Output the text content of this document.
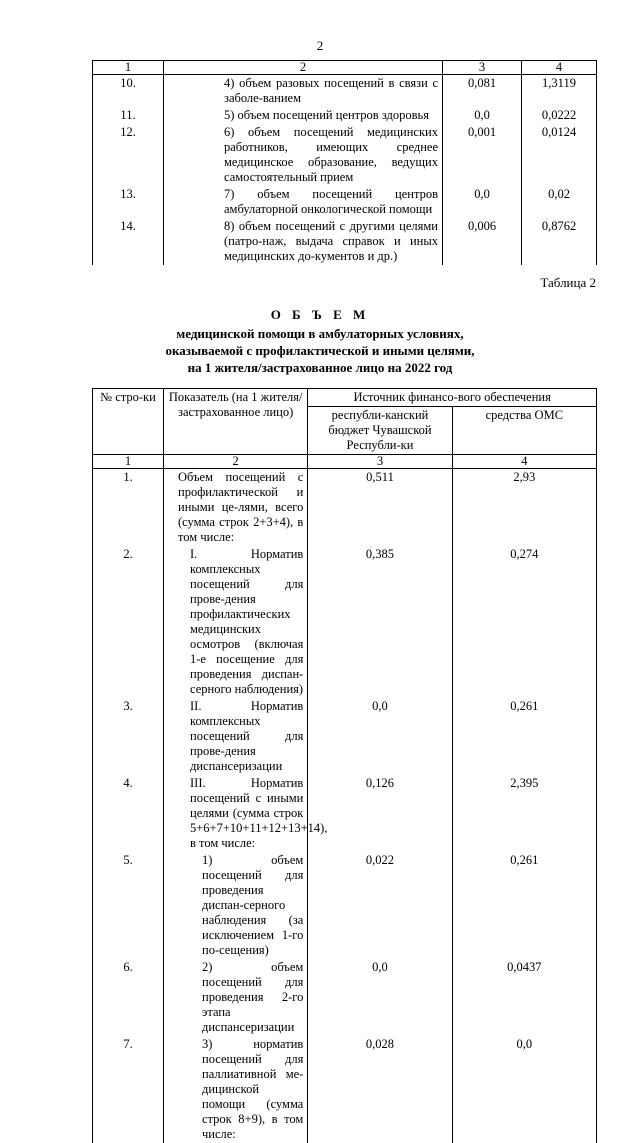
2
1	2	3	4
10.	4) объем разовых посещений в связи с заболе-ванием	0,081	1,3119
11.	5) объем посещений центров здоровья	0,0	0,0222
12.	6) объем посещений медицинских работников, имеющих среднее медицинское образование, ведущих самостоятельный прием	0,001	0,0124
13.	7) объем посещений центров амбулаторной онкологической помощи	0,0	0,02
14.	8) объем посещений с другими целями (патро-наж, выдача справок и иных медицинских до-кументов и др.)	0,006	0,8762
Таблица 2
О Б Ъ Е М
медицинской помощи в амбулаторных условиях,
оказываемой с профилактической и иными целями,
на 1 жителя/застрахованное лицо на 2022 год
№ стро-ки	Показатель (на 1 жителя/застрахованное лицо)	Источник финансо-вого обеспечения	
		республи-канский бюджет Чувашской Республи-ки	средства ОМС
1	2	3	4
1.	Объем посещений с профилактической и иными це-лями, всего (сумма строк 2+3+4), в том числе:	0,511	2,93
2.	I. Норматив комплексных посещений для прове-дения профилактических медицинских осмотров (включая 1-е посещение для проведения диспан-серного наблюдения)	0,385	0,274
3.	II. Норматив комплексных посещений для прове-дения диспансеризации	0,0	0,261
4.	III. Норматив посещений с иными целями (сумма строк 5+6+7+10+11+12+13+14), в том числе:	0,126	2,395
5.	1) объем посещений для проведения диспан-серного наблюдения (за исключением 1-го по-сещения)	0,022	0,261
6.	2) объем посещений для проведения 2-го этапа диспансеризации	0,0	0,0437
7.	3) норматив посещений для паллиативной ме-дицинской помощи (сумма строк 8+9), в том числе:	0,028	0,0
